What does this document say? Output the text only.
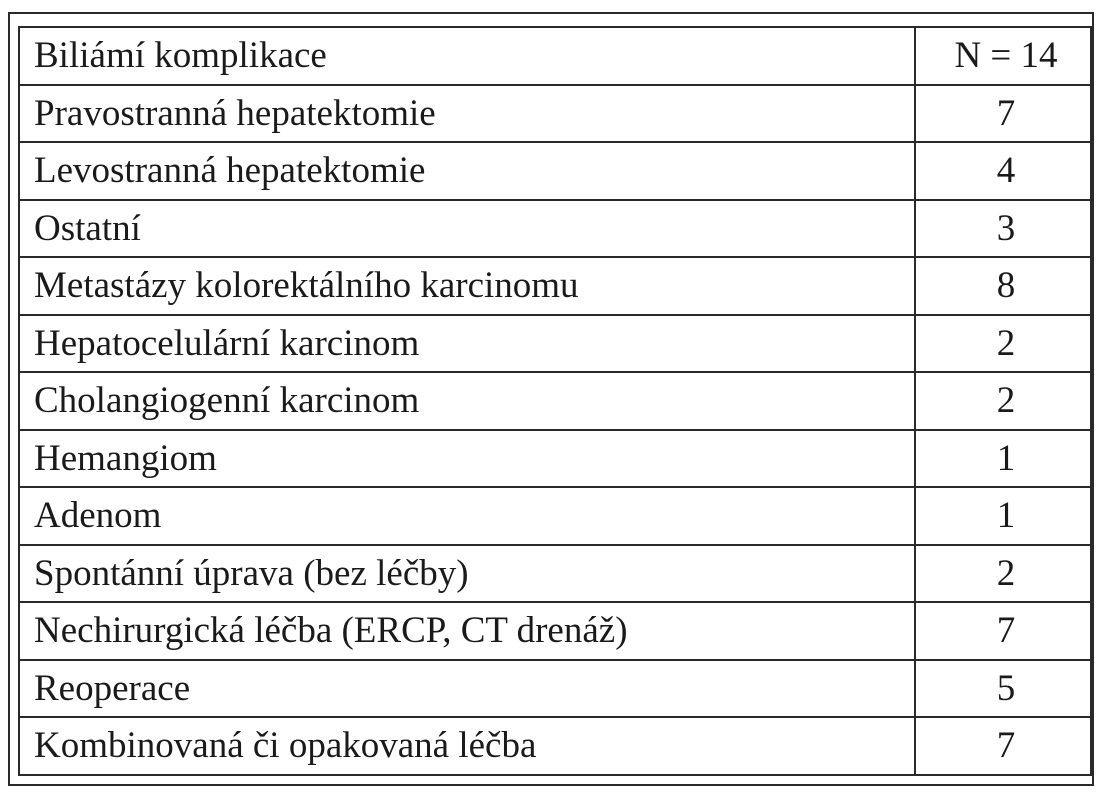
Biliámí komplikace	N = 14
Pravostranná hepatektomie	7
Levostranná hepatektomie	4
Ostatní	3
Metastázy kolorektálního karcinomu	8
Hepatocelulární karcinom	2
Cholangiogenní karcinom	2
Hemangiom	1
Adenom	1
Spontánní úprava (bez léčby)	2
Nechirurgická léčba (ERCP, CT drenáž)	7
Reoperace	5
Kombinovaná či opakovaná léčba	7
